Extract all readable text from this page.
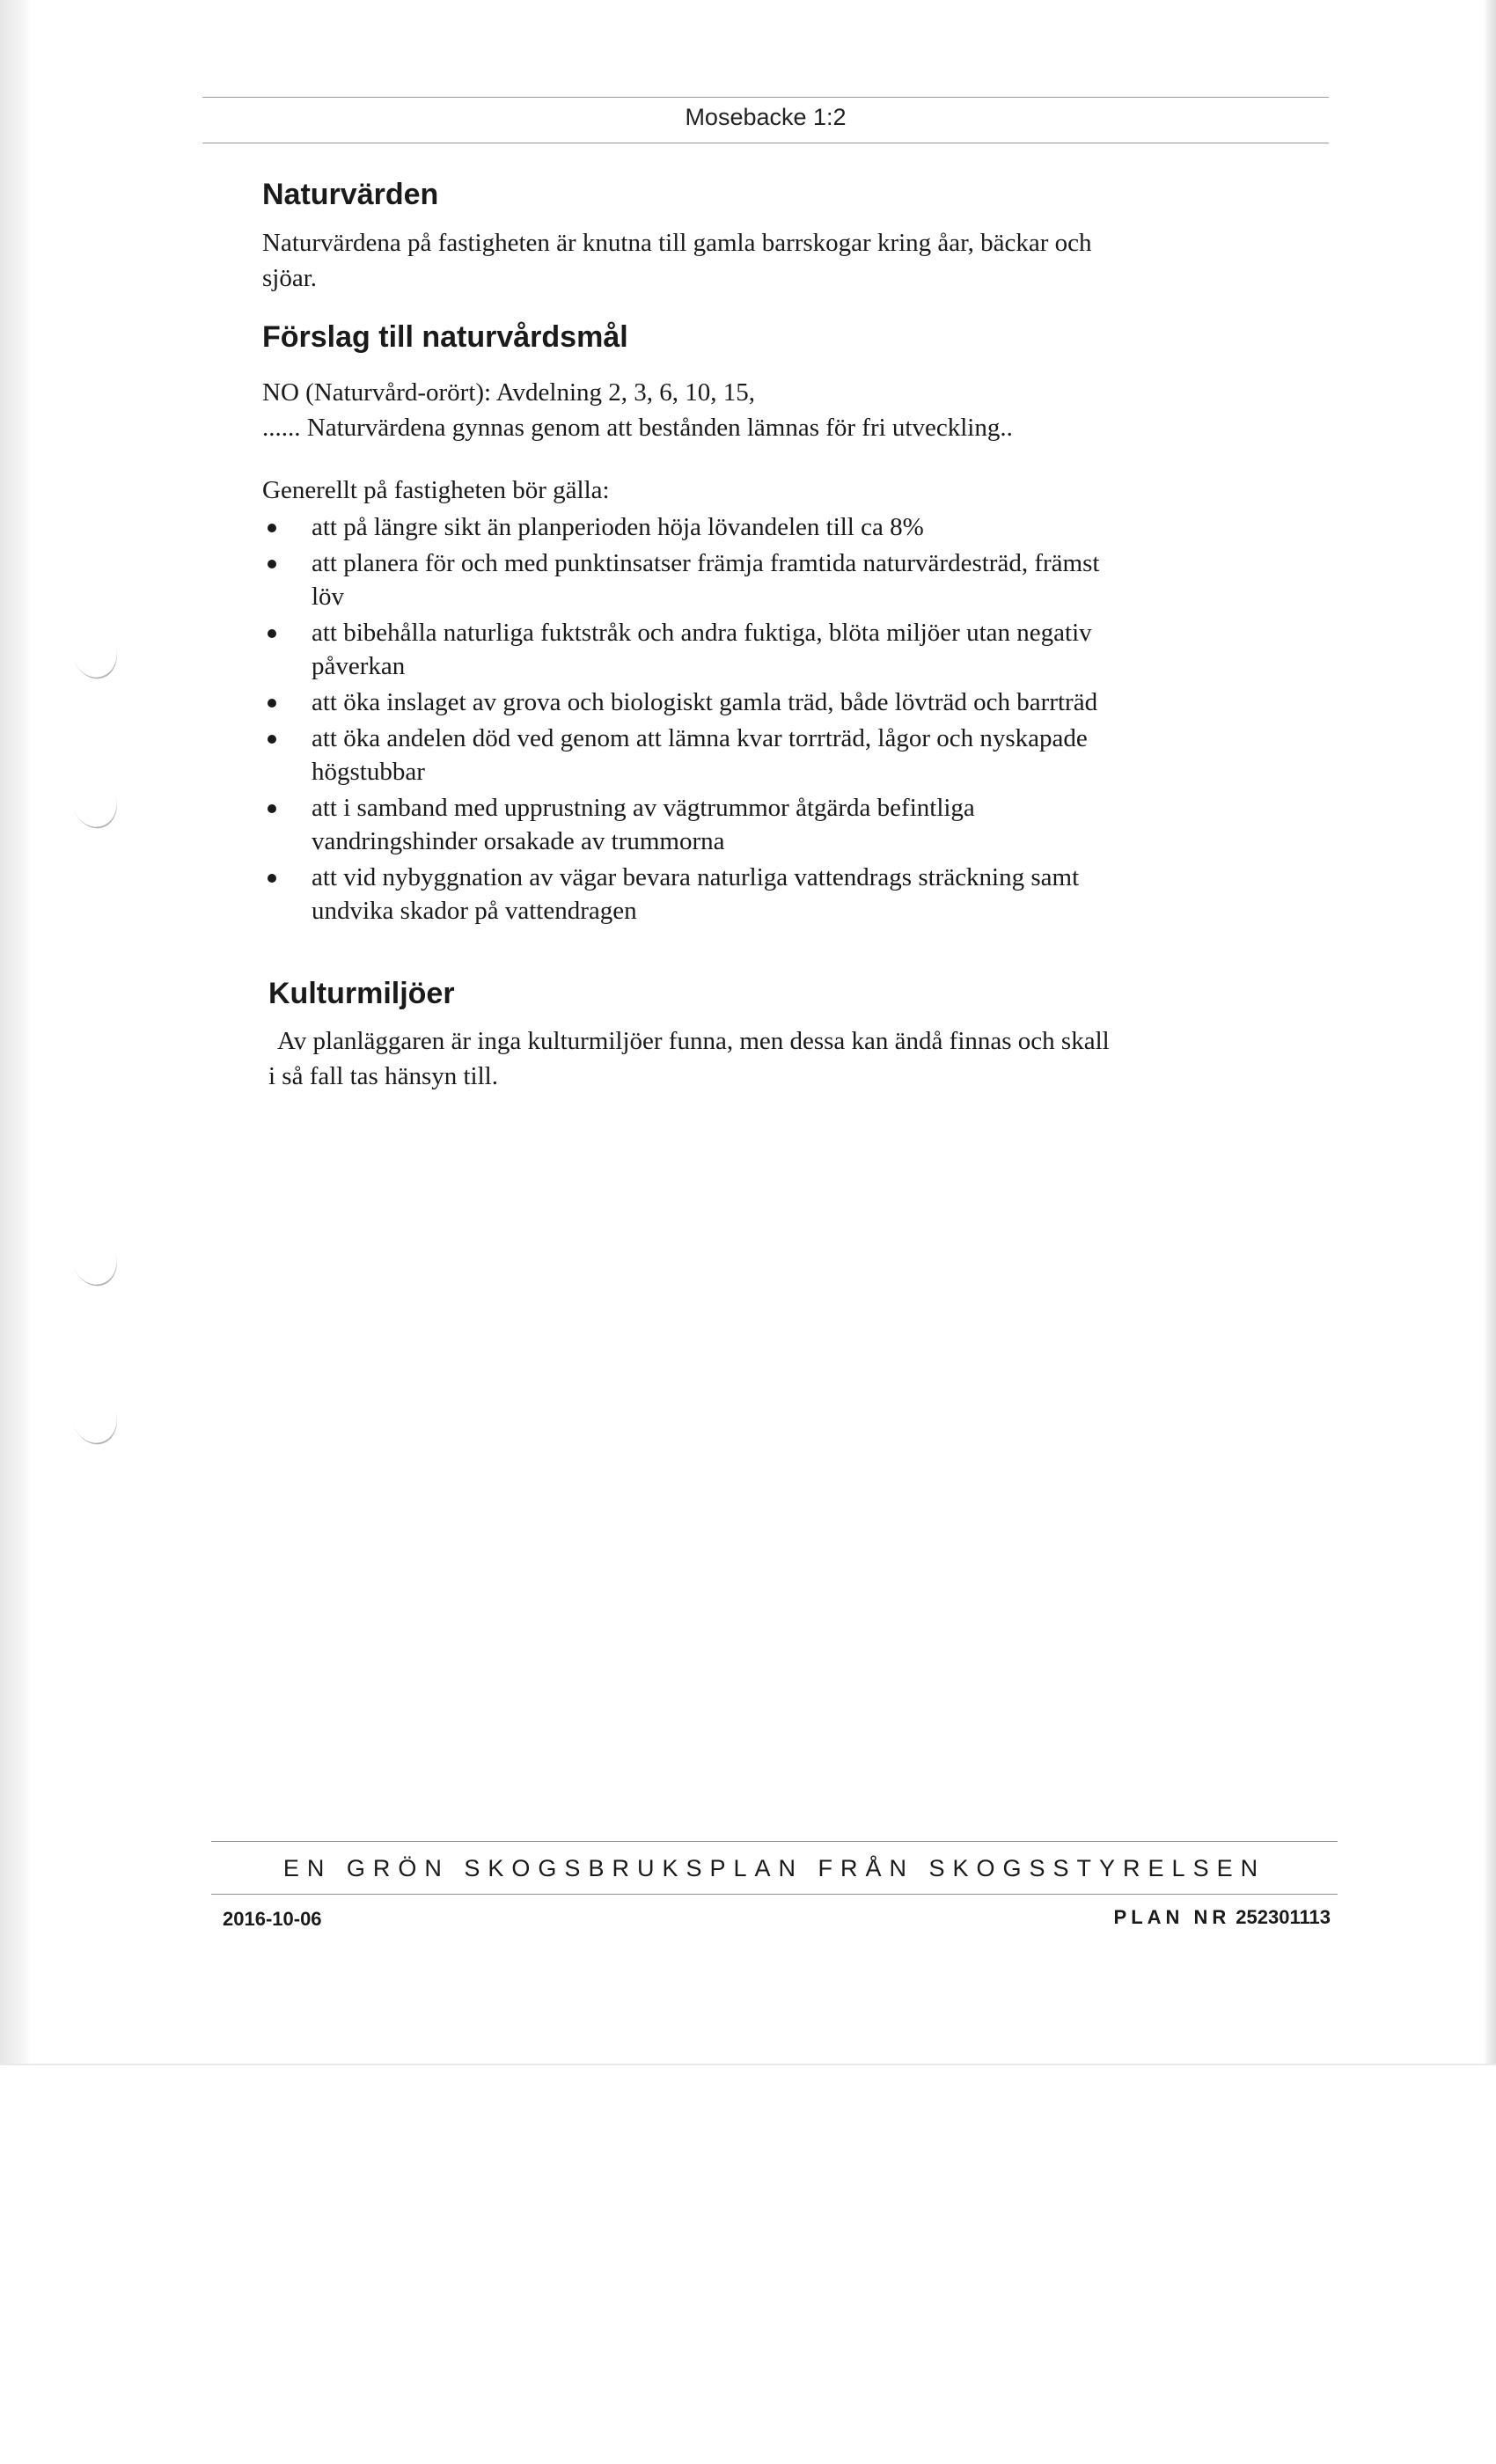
Mosebacke 1:2
Naturvärden
Naturvärdena på fastigheten är knutna till gamla barrskogar kring åar, bäckar och
sjöar.
Förslag till naturvårdsmål
NO (Naturvård-orört): Avdelning 2, 3, 6, 10, 15,
...... Naturvärdena gynnas genom att bestånden lämnas för fri utveckling..
Generellt på fastigheten bör gälla:
att på längre sikt än planperioden höja lövandelen till ca 8%
att planera för och med punktinsatser främja framtida naturvärdesträd, främst
löv
att bibehålla naturliga fuktstråk och andra fuktiga, blöta miljöer utan negativ
påverkan
att öka inslaget av grova och biologiskt gamla träd, både lövträd och barrträd
att öka andelen död ved genom att lämna kvar torrträd, lågor och nyskapade
högstubbar
att i samband med upprustning av vägtrummor åtgärda befintliga
vandringshinder orsakade av trummorna
att vid nybyggnation av vägar bevara naturliga vattendrags sträckning samt
undvika skador på vattendragen
Kulturmiljöer
Av planläggaren är inga kulturmiljöer funna, men dessa kan ändå finnas och skall
i så fall tas hänsyn till.
EN GRÖN SKOGSBRUKSPLAN FRÅN SKOGSSTYRELSEN
2016-10-06	PLAN NR 252301113
